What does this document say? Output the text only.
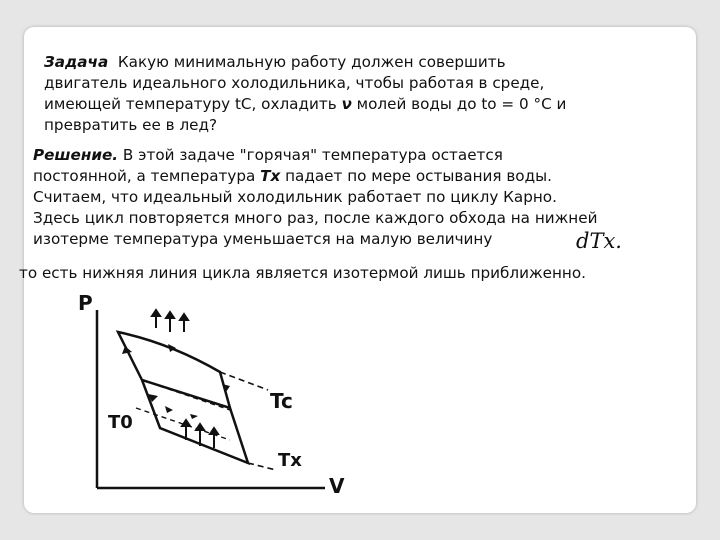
Задача Какую минимальную работу должен совершить
двигатель идеального холодильника, чтобы работая в среде,
имеющей температуру tC, охладить ν молей воды до to = 0 °С и
превратить ее в лед?
Решение. В этой задаче "горячая" температура остается
постоянной, а температура Tx падает по мере остывания воды.
Считаем, что идеальный холодильник работает по циклу Карно.
Здесь цикл повторяется много раз, после каждого обхода на нижней
изотерме температура уменьшается на малую величину	dTx.
то есть нижняя линия цикла является изотермой лишь приближенно.
P
V
Tc
T0
Tx
